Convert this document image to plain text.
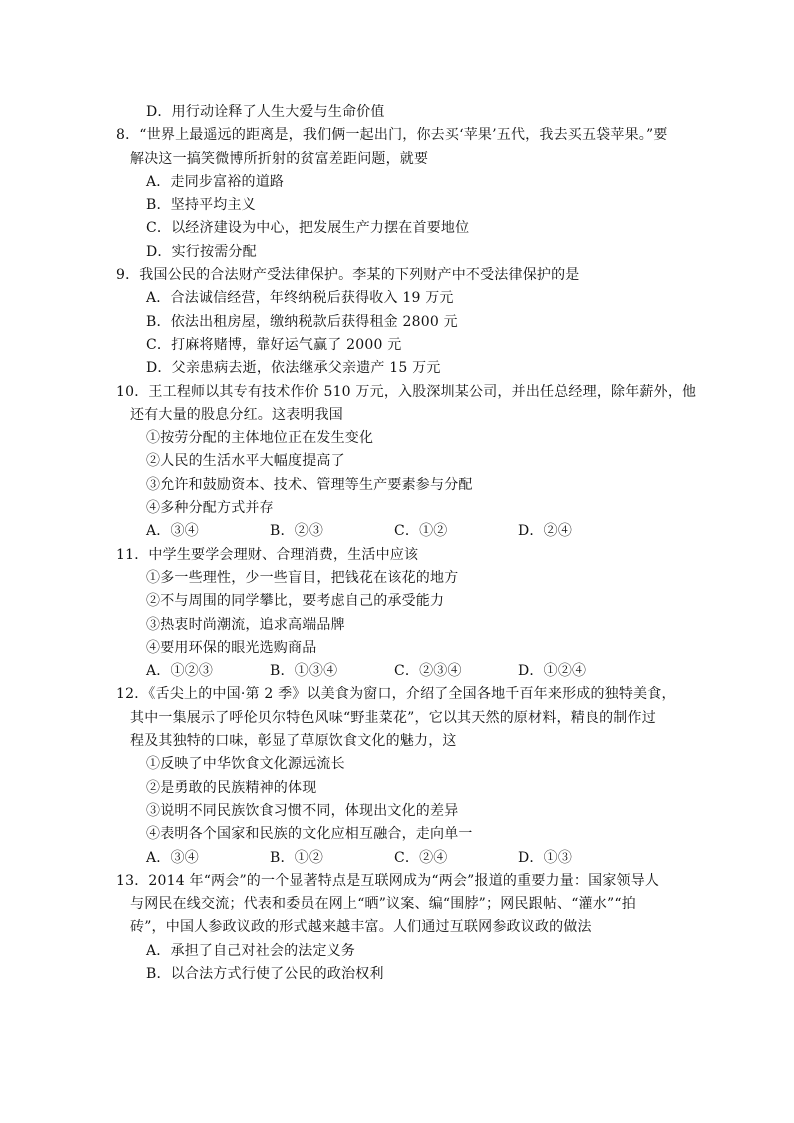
D．用行动诠释了人生大爱与生命价值
8．“世界上最遥远的距离是，我们俩一起出门，你去买‘苹果’五代，我去买五袋苹果。”要
解决这一搞笑微博所折射的贫富差距问题，就要
A．走同步富裕的道路
B．坚持平均主义
C．以经济建设为中心，把发展生产力摆在首要地位
D．实行按需分配
9．我国公民的合法财产受法律保护。李某的下列财产中不受法律保护的是
A．合法诚信经营，年终纳税后获得收入 19 万元
B．依法出租房屋，缴纳税款后获得租金 2800 元
C．打麻将赌博，靠好运气赢了 2000 元
D．父亲患病去逝，依法继承父亲遗产 15 万元
10．王工程师以其专有技术作价 510 万元，入股深圳某公司，并出任总经理，除年薪外，他
还有大量的股息分红。这表明我国
①按劳分配的主体地位正在发生变化
②人民的生活水平大幅度提高了
③允许和鼓励资本、技术、管理等生产要素参与分配
④多种分配方式并存
A．③④	B．②③	C．①②	D．②④
11．中学生要学会理财、合理消费，生活中应该
①多一些理性，少一些盲目，把钱花在该花的地方
②不与周围的同学攀比，要考虑自己的承受能力
③热衷时尚潮流，追求高端品牌
④要用环保的眼光选购商品
A．①②③	B．①③④	C．②③④	D．①②④
12．《舌尖上的中国·第 2 季》以美食为窗口，介绍了全国各地千百年来形成的独特美食，
其中一集展示了呼伦贝尔特色风味“野韭菜花”，它以其天然的原材料，精良的制作过
程及其独特的口味，彰显了草原饮食文化的魅力，这
①反映了中华饮食文化源远流长
②是勇敢的民族精神的体现
③说明不同民族饮食习惯不同，体现出文化的差异
④表明各个国家和民族的文化应相互融合，走向单一
A．③④	B．①②	C．②④	D．①③
13．2014 年“两会”的一个显著特点是互联网成为“两会”报道的重要力量：国家领导人
与网民在线交流；代表和委员在网上“晒”议案、编“围脖”；网民跟帖、“灌水”“拍
砖”，中国人参政议政的形式越来越丰富。人们通过互联网参政议政的做法
A．承担了自己对社会的法定义务
B．以合法方式行使了公民的政治权利
